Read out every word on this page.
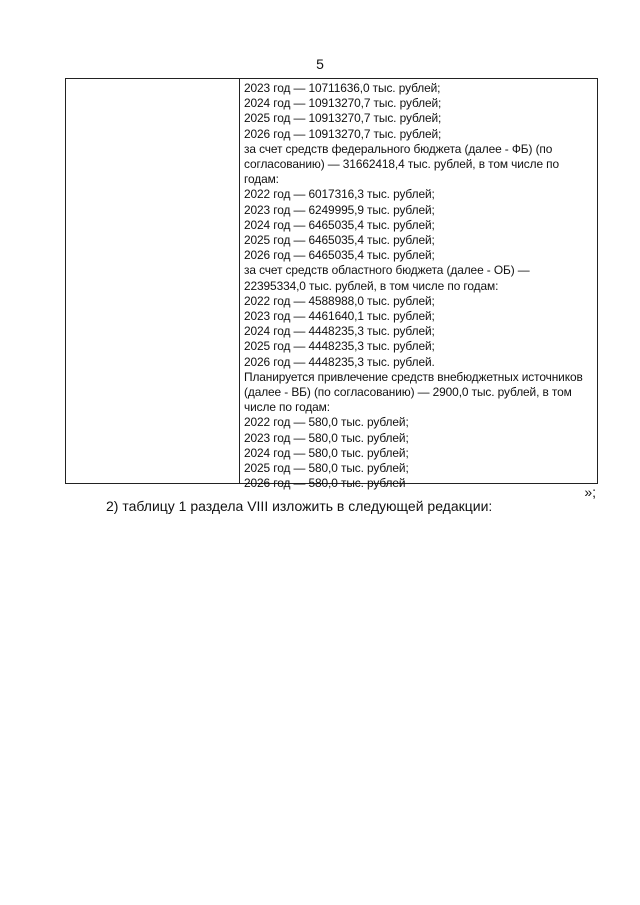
5
2023 год — 10711636,0 тыс. рублей;
2024 год — 10913270,7 тыс. рублей;
2025 год — 10913270,7 тыс. рублей;
2026 год — 10913270,7 тыс. рублей;
за счет средств федерального бюджета (далее - ФБ) (по согласованию) — 31662418,4 тыс. рублей, в том числе по годам:
2022 год — 6017316,3 тыс. рублей;
2023 год — 6249995,9 тыс. рублей;
2024 год — 6465035,4 тыс. рублей;
2025 год — 6465035,4 тыс. рублей;
2026 год — 6465035,4 тыс. рублей;
за счет средств областного бюджета (далее - ОБ) — 22395334,0 тыс. рублей, в том числе по годам:
2022 год — 4588988,0 тыс. рублей;
2023 год — 4461640,1 тыс. рублей;
2024 год — 4448235,3 тыс. рублей;
2025 год — 4448235,3 тыс. рублей;
2026 год — 4448235,3 тыс. рублей.
Планируется привлечение средств внебюджетных источников (далее - ВБ) (по согласованию) — 2900,0 тыс. рублей, в том числе по годам:
2022 год — 580,0 тыс. рублей;
2023 год — 580,0 тыс. рублей;
2024 год — 580,0 тыс. рублей;
2025 год — 580,0 тыс. рублей;
2026 год — 580,0 тыс. рублей
»;
2) таблицу 1 раздела VIII изложить в следующей редакции:
